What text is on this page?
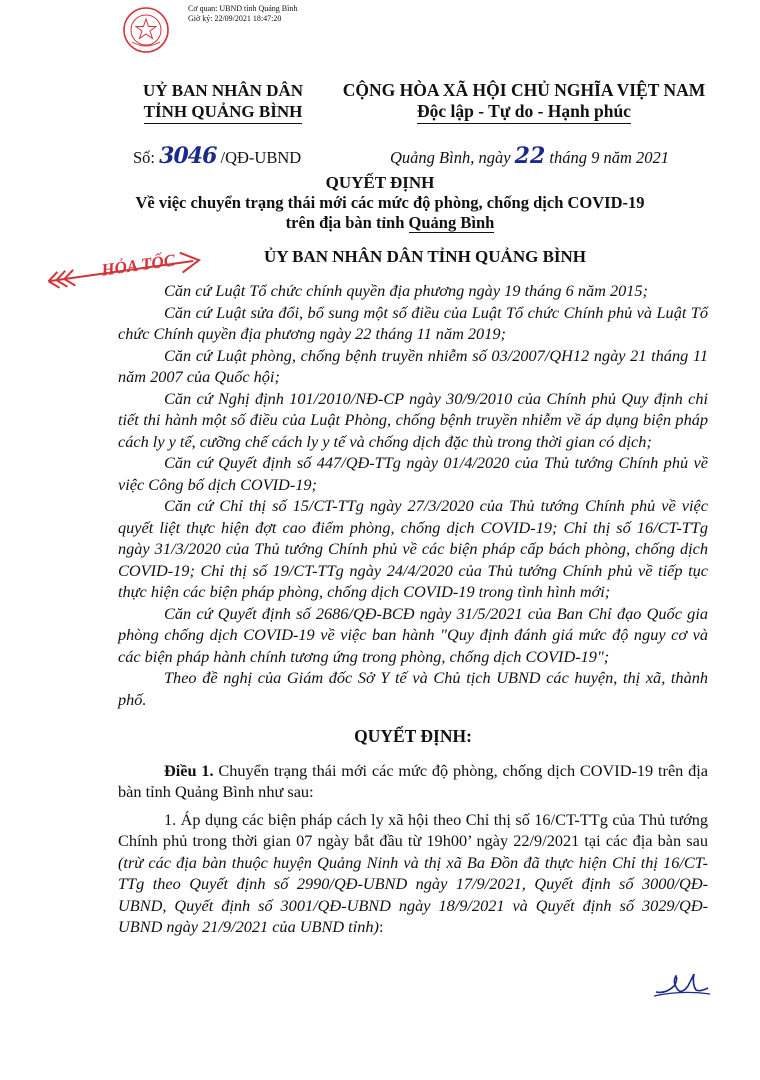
Cơ quan: UBND tỉnh Quảng Bình
Giờ ký: 22/09/2021 18:47:20
UỶ BAN NHÂN DÂN
TỈNH QUẢNG BÌNH
CỘNG HÒA XÃ HỘI CHỦ NGHĨA VIỆT NAM
Độc lập - Tự do - Hạnh phúc
Số: 3046 /QĐ-UBND	Quảng Bình, ngày 22 tháng 9 năm 2021
QUYẾT ĐỊNH
Về việc chuyển trạng thái mới các mức độ phòng, chống dịch COVID-19
trên địa bàn tỉnh Quảng Bình
HỎA TỐC	ỦY BAN NHÂN DÂN TỈNH QUẢNG BÌNH

Căn cứ Luật Tổ chức chính quyền địa phương ngày 19 tháng 6 năm 2015;

Căn cứ Luật sửa đổi, bổ sung một số điều của Luật Tổ chức Chính phủ và Luật Tổ chức Chính quyền địa phương ngày 22 tháng 11 năm 2019;

Căn cứ Luật phòng, chống bệnh truyền nhiễm số 03/2007/QH12 ngày 21 tháng 11 năm 2007 của Quốc hội;

Căn cứ Nghị định 101/2010/NĐ-CP ngày 30/9/2010 của Chính phủ Quy định chi tiết thi hành một số điều của Luật Phòng, chống bệnh truyền nhiễm về áp dụng biện pháp cách ly y tế, cưỡng chế cách ly y tế và chống dịch đặc thù trong thời gian có dịch;

Căn cứ Quyết định số 447/QĐ-TTg ngày 01/4/2020 của Thủ tướng Chính phủ về việc Công bố dịch COVID-19;

Căn cứ Chỉ thị số 15/CT-TTg ngày 27/3/2020 của Thủ tướng Chính phủ về việc quyết liệt thực hiện đợt cao điểm phòng, chống dịch COVID-19; Chỉ thị số 16/CT-TTg ngày 31/3/2020 của Thủ tướng Chính phủ về các biện pháp cấp bách phòng, chống dịch COVID-19; Chỉ thị số 19/CT-TTg ngày 24/4/2020 của Thủ tướng Chính phủ về tiếp tục thực hiện các biện pháp phòng, chống dịch COVID-19 trong tình hình mới;

Căn cứ Quyết định số 2686/QĐ-BCĐ ngày 31/5/2021 của Ban Chỉ đạo Quốc gia phòng chống dịch COVID-19 về việc ban hành "Quy định đánh giá mức độ nguy cơ và các biện pháp hành chính tương ứng trong phòng, chống dịch COVID-19";

Theo đề nghị của Giám đốc Sở Y tế và Chủ tịch UBND các huyện, thị xã, thành phố.

QUYẾT ĐỊNH:

Điều 1. Chuyển trạng thái mới các mức độ phòng, chống dịch COVID-19 trên địa bàn tỉnh Quảng Bình như sau:

1. Áp dụng các biện pháp cách ly xã hội theo Chỉ thị số 16/CT-TTg của Thủ tướng Chính phủ trong thời gian 07 ngày bắt đầu từ 19h00’ ngày 22/9/2021 tại các địa bàn sau (trừ các địa bàn thuộc huyện Quảng Ninh và thị xã Ba Đồn đã thực hiện Chỉ thị 16/CT-TTg theo Quyết định số 2990/QĐ-UBND ngày 17/9/2021, Quyết định số 3000/QĐ-UBND, Quyết định số 3001/QĐ-UBND ngày 18/9/2021 và Quyết định số 3029/QĐ-UBND ngày 21/9/2021 của UBND tỉnh):
